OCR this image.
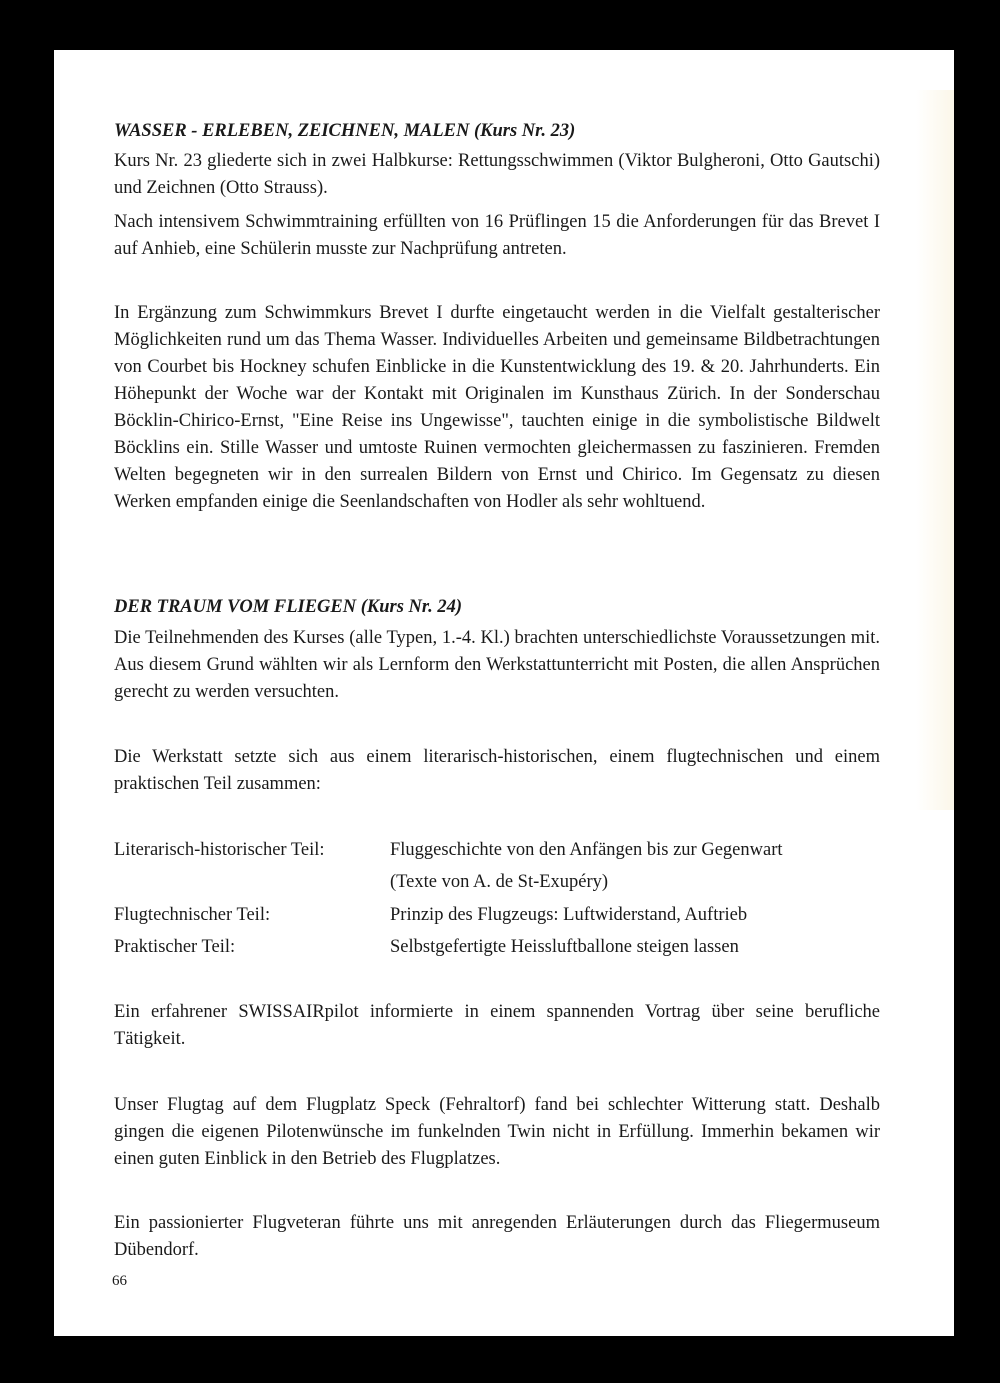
WASSER - ERLEBEN, ZEICHNEN, MALEN (Kurs Nr. 23)

Kurs Nr. 23 gliederte sich in zwei Halbkurse: Rettungsschwimmen (Viktor Bulgheroni, Otto Gautschi) und Zeichnen (Otto Strauss).

Nach intensivem Schwimmtraining erfüllten von 16 Prüflingen 15 die Anforderungen für das Brevet I auf Anhieb, eine Schülerin musste zur Nachprüfung antreten.

In Ergänzung zum Schwimmkurs Brevet I durfte eingetaucht werden in die Vielfalt gestalterischer Möglichkeiten rund um das Thema Wasser. Individuelles Arbeiten und gemeinsame Bildbetrachtungen von Courbet bis Hockney schufen Einblicke in die Kunstentwicklung des 19. & 20. Jahrhunderts. Ein Höhepunkt der Woche war der Kontakt mit Originalen im Kunsthaus Zürich. In der Sonderschau Böcklin-Chirico-Ernst, "Eine Reise ins Ungewisse", tauchten einige in die symbolistische Bildwelt Böcklins ein. Stille Wasser und umtoste Ruinen vermochten gleichermassen zu faszinieren. Fremden Welten begegneten wir in den surrealen Bildern von Ernst und Chirico. Im Gegensatz zu diesen Werken empfanden einige die Seenlandschaften von Hodler als sehr wohltuend.

DER TRAUM VOM FLIEGEN (Kurs Nr. 24)

Die Teilnehmenden des Kurses (alle Typen, 1.-4. Kl.) brachten unterschiedlichste Voraussetzungen mit. Aus diesem Grund wählten wir als Lernform den Werkstattunterricht mit Posten, die allen Ansprüchen gerecht zu werden versuchten.

Die Werkstatt setzte sich aus einem literarisch-historischen, einem flugtechnischen und einem praktischen Teil zusammen:

Literarisch-historischer Teil:	Fluggeschichte von den Anfängen bis zur Gegenwart
(Texte von A. de St-Exupéry)
Flugtechnischer Teil:	Prinzip des Flugzeugs: Luftwiderstand, Auftrieb
Praktischer Teil:	Selbstgefertigte Heissluftballone steigen lassen

Ein erfahrener SWISSAIRpilot informierte in einem spannenden Vortrag über seine berufliche Tätigkeit.

Unser Flugtag auf dem Flugplatz Speck (Fehraltorf) fand bei schlechter Witterung statt. Deshalb gingen die eigenen Pilotenwünsche im funkelnden Twin nicht in Erfüllung. Immerhin bekamen wir einen guten Einblick in den Betrieb des Flugplatzes.

Ein passionierter Flugveteran führte uns mit anregenden Erläuterungen durch das Fliegermuseum Dübendorf.

66
